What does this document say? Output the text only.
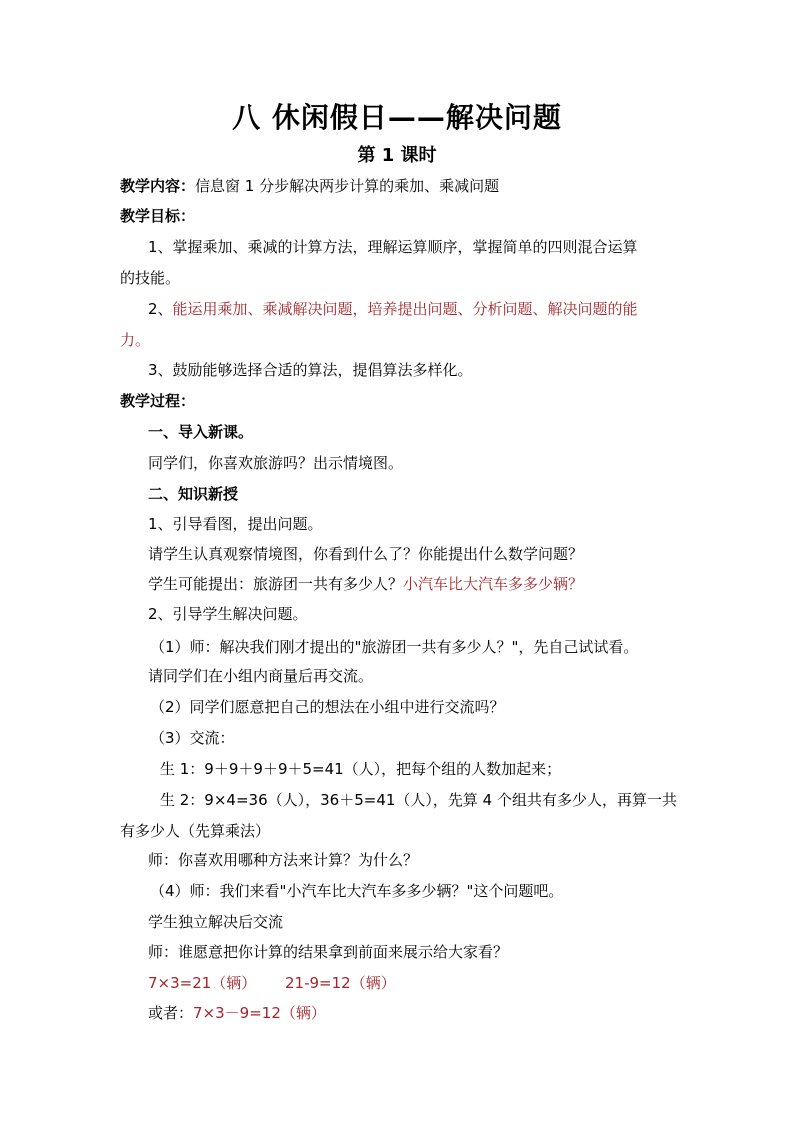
八 休闲假日——解决问题
第 1 课时
教学内容：信息窗 1 分步解决两步计算的乘加、乘减问题
教学目标：
1、掌握乘加、乘减的计算方法，理解运算顺序，掌握简单的四则混合运算
的技能。
2、能运用乘加、乘减解决问题，培养提出问题、分析问题、解决问题的能
力。
3、鼓励能够选择合适的算法，提倡算法多样化。
教学过程：
一、导入新课。
同学们，你喜欢旅游吗？出示情境图。
二、知识新授
1、引导看图，提出问题。
请学生认真观察情境图，你看到什么了？你能提出什么数学问题？
学生可能提出：旅游团一共有多少人？小汽车比大汽车多多少辆？
2、引导学生解决问题。
（1）师：解决我们刚才提出的"旅游团一共有多少人？"，先自己试试看。
请同学们在小组内商量后再交流。
（2）同学们愿意把自己的想法在小组中进行交流吗？
（3）交流：
生 1：9＋9＋9＋9＋5=41（人），把每个组的人数加起来；
生 2：9×4=36（人），36＋5=41（人），先算 4 个组共有多少人，再算一共
有多少人（先算乘法）
师：你喜欢用哪种方法来计算？为什么？
（4）师：我们来看"小汽车比大汽车多多少辆？"这个问题吧。
学生独立解决后交流
师：谁愿意把你计算的结果拿到前面来展示给大家看？
7×3=21（辆） 21-9=12（辆）
或者：7×3－9=12（辆）
